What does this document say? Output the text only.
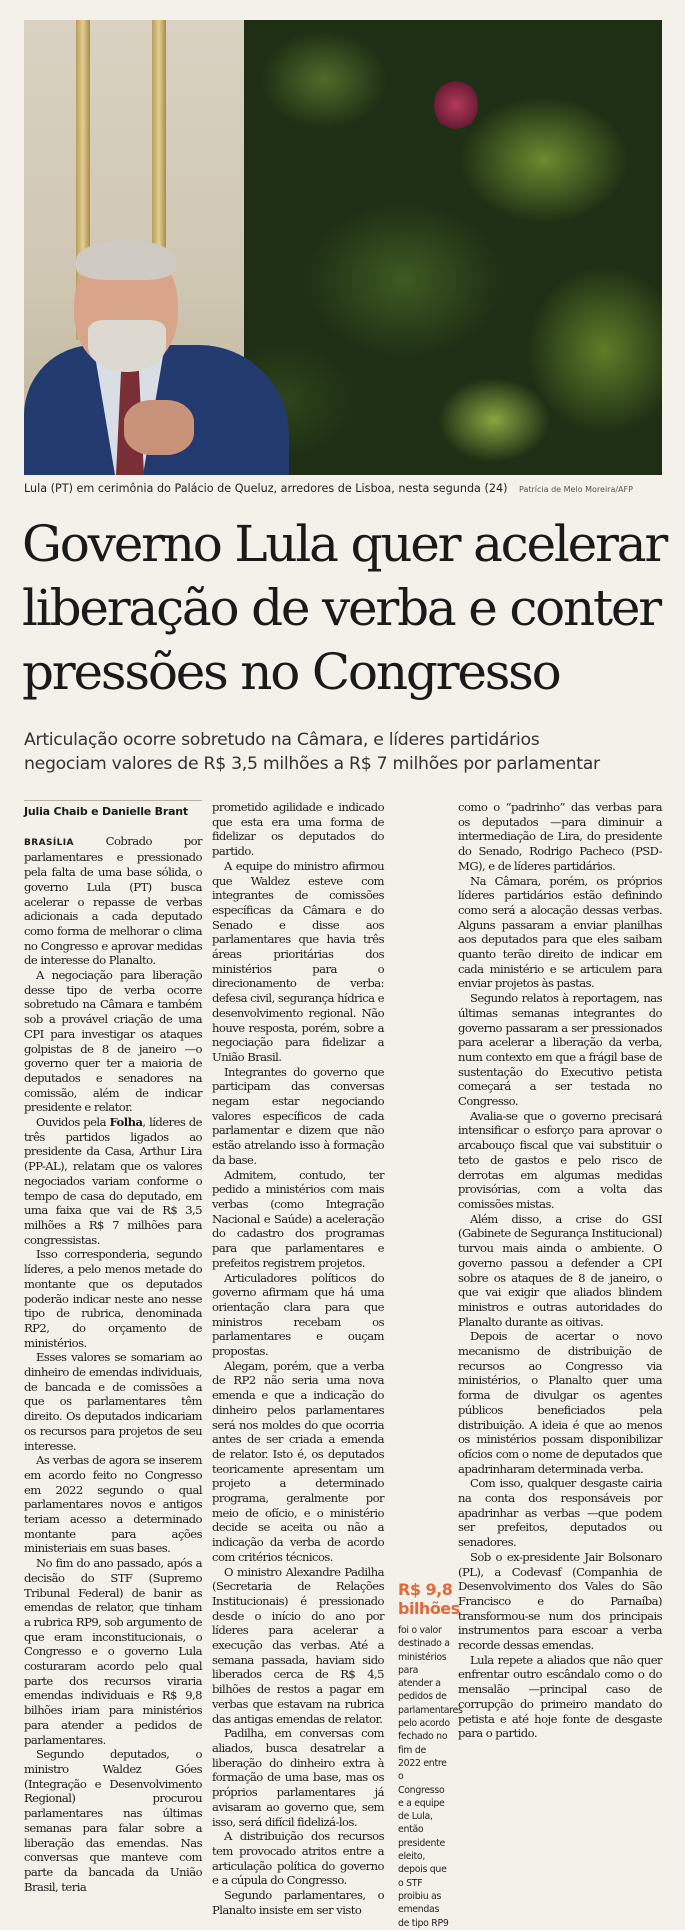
Lula (PT) em cerimônia do Palácio de Queluz, arredores de Lisboa, nesta segunda (24) Patrícia de Melo Moreira/AFP
Governo Lula quer acelerar
liberação de verba e conter
pressões no Congresso
Articulação ocorre sobretudo na Câmara, e líderes partidários
negociam valores de R$ 3,5 milhões a R$ 7 milhões por parlamentar
Julia Chaib e Danielle Brant

BRASÍLIA	Cobrado por parlamentares e pressionado pela falta de uma base sólida, o governo Lula (PT) busca acelerar o repasse de verbas adicionais a cada deputado como forma de melhorar o clima no Congresso e aprovar medidas de interesse do Planalto.

A negociação para liberação desse tipo de verba ocorre sobretudo na Câmara e também sob a provável criação de uma CPI para investigar os ataques golpistas de 8 de janeiro —o governo quer ter a maioria de deputados e senadores na comissão, além de indicar presidente e relator.

Ouvidos pela Folha, líderes de três partidos ligados ao presidente da Casa, Arthur Lira (PP-AL), relatam que os valores negociados variam conforme o tempo de casa do deputado, em uma faixa que vai de R$ 3,5 milhões a R$ 7 milhões para congressistas.

Isso corresponderia, segundo líderes, a pelo menos metade do montante que os deputados poderão indicar neste ano nesse tipo de rubrica, denominada RP2, do orçamento de ministérios.

Esses valores se somariam ao dinheiro de emendas individuais, de bancada e de comissões a que os parlamentares têm direito. Os deputados indicariam os recursos para projetos de seu interesse.

As verbas de agora se inserem em acordo feito no Congresso em 2022 segundo o qual parlamentares novos e antigos teriam acesso a determinado montante para ações ministeriais em suas bases.

No fim do ano passado, após a decisão do STF (Supremo Tribunal Federal) de banir as emendas de relator, que tinham a rubrica RP9, sob argumento de que eram inconstitucionais, o Congresso e o governo Lula costuraram acordo pelo qual parte dos recursos viraria emendas individuais e R$ 9,8 bilhões iriam para ministérios para atender a pedidos de parlamentares.

Segundo deputados, o ministro Waldez Góes (Integração e Desenvolvimento Regional) procurou parlamentares nas últimas semanas para falar sobre a liberação das emendas. Nas conversas que manteve com parte da bancada da União Brasil, teria

prometido agilidade e indicado que esta era uma forma de fidelizar os deputados do partido.

A equipe do ministro afirmou que Waldez esteve com integrantes de comissões específicas da Câmara e do Senado e disse aos parlamentares que havia três áreas prioritárias dos ministérios para o direcionamento de verba: defesa civil, segurança hídrica e desenvolvimento regional. Não houve resposta, porém, sobre a negociação para fidelizar a União Brasil.

Integrantes do governo que participam das conversas negam estar negociando valores específicos de cada parlamentar e dizem que não estão atrelando isso à formação da base.

Admitem, contudo, ter pedido a ministérios com mais verbas (como Integração Nacional e Saúde) a aceleração do cadastro dos programas para que parlamentares e prefeitos registrem projetos.

Articuladores políticos do governo afirmam que há uma orientação clara para que ministros recebam os parlamentares e ouçam propostas.

Alegam, porém, que a verba de RP2 não seria uma nova emenda e que a indicação do dinheiro pelos parlamentares será nos moldes do que ocorria antes de ser criada a emenda de relator. Isto é, os deputados teoricamente apresentam um projeto a determinado programa, geralmente por meio de ofício, e o ministério decide se aceita ou não a indicação da verba de acordo com critérios técnicos.

O ministro Alexandre Padilha (Secretaria de Relações Institucionais) é pressionado desde o início do ano por líderes para acelerar a execução das verbas. Até a semana passada, haviam sido liberados cerca de R$ 4,5 bilhões de restos a pagar em verbas que estavam na rubrica das antigas emendas de relator.

Padilha, em conversas com aliados, busca desatrelar a liberação do dinheiro extra à formação de uma base, mas os próprios parlamentares já avisaram ao governo que, sem isso, será difícil fidelizá-los.

A distribuição dos recursos tem provocado atritos entre a articulação política do governo e a cúpula do Congresso.

Segundo parlamentares, o Planalto insiste em ser visto

R$ 9,8
bilhões
foi o valor destinado a ministérios para atender a pedidos de parlamentares pelo acordo fechado no fim de 2022 entre o Congresso e a equipe de Lula, então presidente eleito, depois que o STF proibiu as emendas de tipo RP9

como o “padrinho” das verbas para os deputados —para diminuir a intermediação de Lira, do presidente do Senado, Rodrigo Pacheco (PSD-MG), e de líderes partidários.

Na Câmara, porém, os próprios líderes partidários estão definindo como será a alocação dessas verbas. Alguns passaram a enviar planilhas aos deputados para que eles saibam quanto terão direito de indicar em cada ministério e se articulem para enviar projetos às pastas.

Segundo relatos à reportagem, nas últimas semanas integrantes do governo passaram a ser pressionados para acelerar a liberação da verba, num contexto em que a frágil base de sustentação do Executivo petista começará a ser testada no Congresso.

Avalia-se que o governo precisará intensificar o esforço para aprovar o arcabouço fiscal que vai substituir o teto de gastos e pelo risco de derrotas em algumas medidas provisórias, com a volta das comissões mistas.

Além disso, a crise do GSI (Gabinete de Segurança Institucional) turvou mais ainda o ambiente. O governo passou a defender a CPI sobre os ataques de 8 de janeiro, o que vai exigir que aliados blindem ministros e outras autoridades do Planalto durante as oitivas.

Depois de acertar o novo mecanismo de distribuição de recursos ao Congresso via ministérios, o Planalto quer uma forma de divulgar os agentes públicos beneficiados pela distribuição. A ideia é que ao menos os ministérios possam disponibilizar ofícios com o nome de deputados que apadrinharam determinada verba.

Com isso, qualquer desgaste cairia na conta dos responsáveis por apadrinhar as verbas —que podem ser prefeitos, deputados ou senadores.

Sob o ex-presidente Jair Bolsonaro (PL), a Codevasf (Companhia de Desenvolvimento dos Vales do São Francisco e do Parnaíba) transformou-se num dos principais instrumentos para escoar a verba recorde dessas emendas.

Lula repete a aliados que não quer enfrentar outro escândalo como o do mensalão —principal caso de corrupção do primeiro mandato do petista e até hoje fonte de desgaste para o partido.
